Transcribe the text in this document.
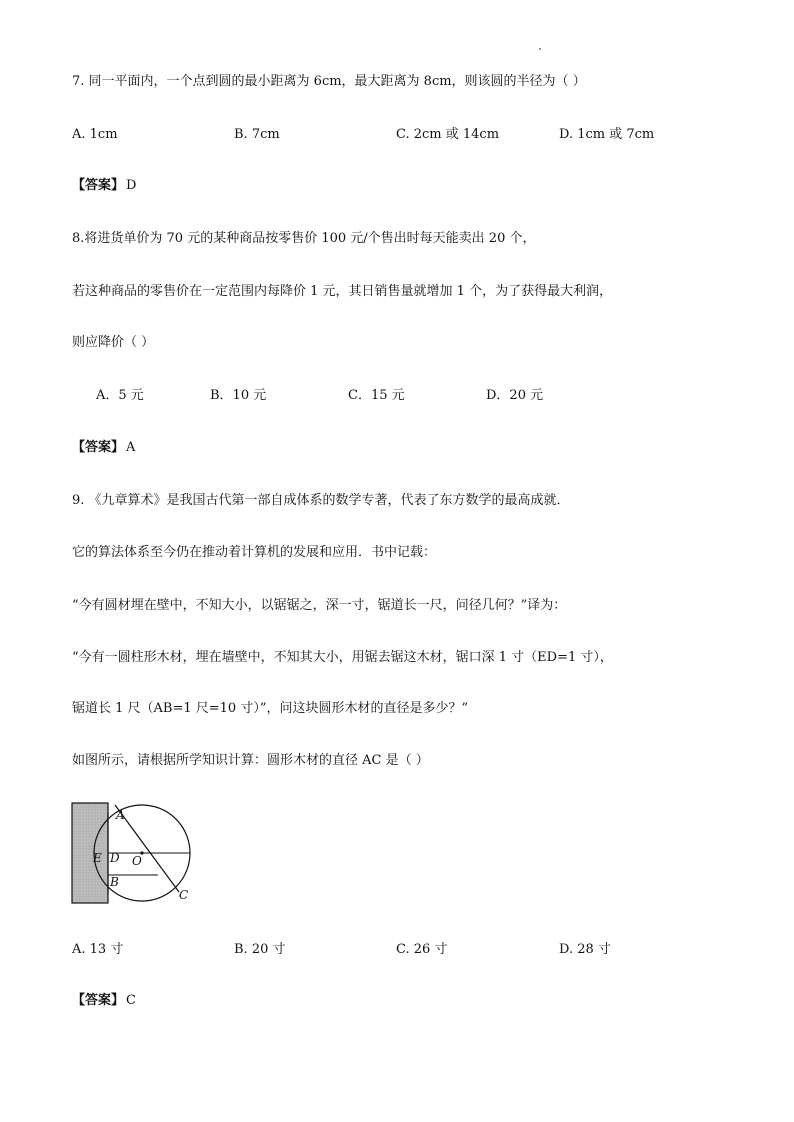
7. 同一平面内，一个点到圆的最小距离为 6cm，最大距离为 8cm，则该圆的半径为（ ）
A. 1cm	B. 7cm	C. 2cm 或 14cm	D. 1cm 或 7cm
【答案】 D
8.将进货单价为 70 元的某种商品按零售价 100 元/个售出时每天能卖出 20 个，
若这种商品的零售价在一定范围内每降价 1 元，其日销售量就增加 1 个，为了获得最大利润，
则应降价（ ）
A．5 元	B．10 元	C．15 元	D．20 元
【答案】 A
9. 《九章算术》是我国古代第一部自成体系的数学专著，代表了东方数学的最高成就．
它的算法体系至今仍在推动着计算机的发展和应用．书中记载：
“今有圆材埋在壁中，不知大小，以锯锯之，深一寸，锯道长一尺，问径几何？”译为：
“今有一圆柱形木材，埋在墙壁中，不知其大小，用锯去锯这木材，锯口深 1 寸（ED=1 寸），
锯道长 1 尺（AB=1 尺=10 寸）”，问这块圆形木材的直径是多少？”
如图所示，请根据所学知识计算：圆形木材的直径 AC 是（ ）
A
E D O
B
C
A. 13 寸	B. 20 寸	C. 26 寸	D. 28 寸
【答案】 C
